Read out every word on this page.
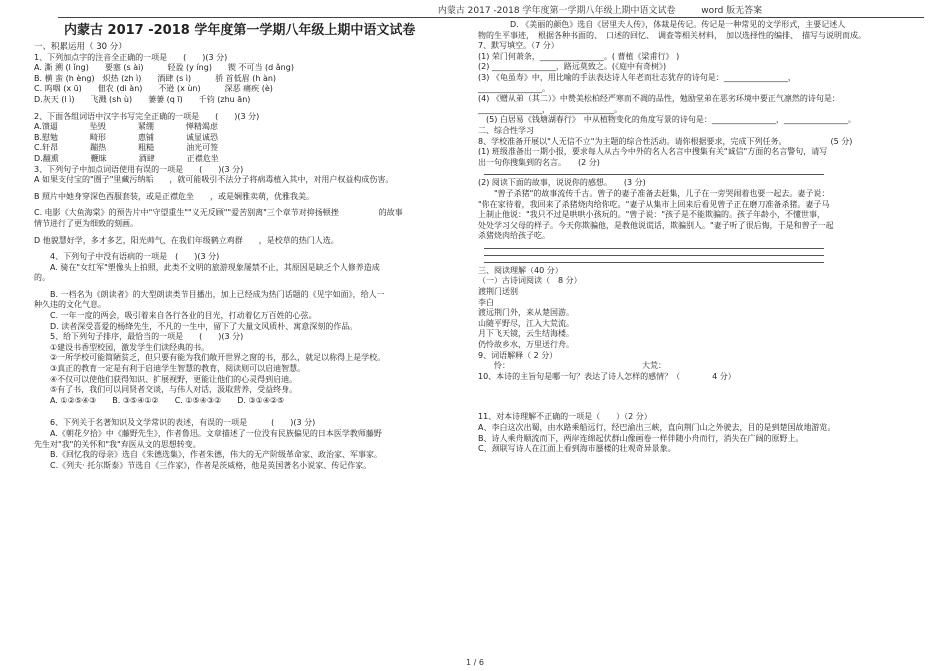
内蒙古 2017 -2018 学年度第一学期八年级上期中语文试卷	word 版无答案

内蒙古 2017 -2018 学年度第一学期八年级上期中语文试卷

一、积累运用（ 30 分）

1、下列加点字的注音全正确的一项是　　(　　)(3 分)

A. 澌 溯 (l ǐng)　　要塞 (s ài)　　　轻盈 (y íng)　　锲 不可当 (d ǎng)

B. 横 蛮 (h èng)　炽热 (zh ì)　　酒肆 (s ì)　　　骄 首低眉 (h àn)

C. 呜咽 (x ū)　　佃农 (di àn)　　不逊 (x ùn)　　　深恶 痛疾 (è)

D.灰天 (l ì)　　飞溅 (sh ù)　　萋萋 (q ī)　　千钧 (zhu ān)

2、下面各组词语中汉字书写完全正确的一项是　　(　　)(3 分)

A.馈逼　　　　坠毁　　　　紧绷　　　　惮精竭虑

B.慰勉　　　　畸形　　　　惠铺　　　　诚显诚恐

C.轩昂　　　　蹦热　　　　粗糙　　　　油光可签

D.翻熏　　　　鞭昧　　　　酒肆　　　　正襟危坐

3、下列句子中加点词语使用有误的一项是　　(　　)(3 分)

A 如果支付宝的"圈子"里藏污纳垢　　，就可能吸引不法分子将病毒植入其中，对用户权益构成伤害。

B 照片中她身穿深色西服套装，或是正襟危坐　　，或是娴雅卖萌，优雅我美。

C. 电影《大鱼海棠》的预告片中"守望重生""义无反顾""爱苦别离"三个章节对抑扬顿挫　　　　　的故事

情节进行了更为细致的刻画。

D 他貌慧好学，多才多艺，阳光帅气，在我们年级鹤立鸡群　　，是校草的热门人选。

　　4、下列句子中没有语病的一项是　(　　)(3 分)

　　A. 骑在"女红军"塑像头上拍照，此类不文明的旅游现象屡禁不止，其原因是缺乏个人修养造成

的。

　　B. 一档名为《朗读者》的大型朗读类节目播出，加上已经成为热门话题的《见字如面》，给人一

种久违的文化气息。

　　C. 一年一度的两会，吸引着来自各行各业的目光，打动着亿万百姓的心弦。

　　D. 读者深受喜爱的杨绛先生，不凡的一生中，留下了大量文风质朴、寓意深刻的作品。

　　5、给下列句子排序，最恰当的一项是　　(　　)(3 分)

　　①建设书香型校园，激发学生们读经典的书。

　　②一所学校可能简陋贫乏，但只要有能为我们敞开世界之窗的书，那么，就足以称得上是学校。

　　③真正的教育一定是有利于启迪学生智慧的教育，阅读则可以启迪智慧。

　　④不仅可以使他们获得知识、扩展视野，更能让他们的心灵得到启迪。

　　⑤有了书，我们可以同贤者交谈，与伟人对话，汲取营养，受益终身。

　　A. ①②⑤④③　　B. ③⑤④①②　　C. ①⑤④③②　　D. ③①④②⑤

　　6、下列关于名著知识及文学常识的表述，有误的一项是　　　(　　)(3 分)

　　A.《朝花夕拾》中《藤野先生》，作者鲁迅。文章描述了一位没有民族偏见的日本医学教师藤野

先生对"我"的关怀和"我"弃医从文的思想转变。

　　B.《回忆我的母亲》选自《朱德选集》，作者朱德，伟大的无产阶级革命家、政治家、军事家。

　　C.《列夫· 托尔斯泰》节选自《三作家》，作者是茨威格，他是英国著名小说家、传记作家。

　　　　D. 《美丽的颜色》选自《居里夫人传》，体裁是传记。传记是一种常见的文学形式，主要记述人

物的生平事迹，　根据各种书面的、　口述的回忆、　调查等相关材料，　加以选择性的编排、　描写与说明而成。

7、默写填空。（7 分）

(1) 荣门何萧条，________________。( 曹植《梁甫行》 )

(2) ________________，路远莫致之。(《庭中有奇树》)

(3) 《龟虽寿》中，用比喻的手法表达诗人年老而壮志犹存的诗句是：________________，

________________。

(4) 《赠从弟（其二）》中赞美松柏经严寒而不凋的品性，勉励堂弟在恶劣环境中要正气凛然的诗句是：

________________，________________。

　(5) 白居易《钱塘湖春行》　中从植物变化的角度写景的诗句是：________________，________________。

二、综合性学习

8、学校准备开展以"人无信不立"为主题的综合性活动。请你根据要求，完成下列任务。　　　　　　(5 分)

(1) 班级准备出一期小报，要求每人从古今中外的名人名言中搜集有关"诚信"方面的名言警句，请写

出一句你搜集到的名言。　　(2 分)

(2) 阅读下面的故事，说说你的感想。　　(3 分)

　　"曾子杀猪"的故事流传千古。曾子的妻子准备去赶集，儿子在一旁哭闹着也要一起去。妻子说：

"你在家待着，我回来了杀猪烧肉给你吃。"妻子从集市上回来后看见曾子正在磨刀准备杀猪。妻子马

上制止他说："我只不过是哄哄小孩玩的。"曾子说："孩子是不能欺骗的。孩子年龄小，不懂世事，

处处学习父母的样子。今天你欺骗他，是教他说谎话，欺骗别人。"妻子听了很后悔，于是和曾子一起

杀猪烧肉给孩子吃。

三、阅读理解（40 分）

（一）古诗词阅读（　8 分）

渡荆门送别

李白

渡远荆门外，来从楚国游。

山随平野尽，江入大荒流。

月下飞天镜，云生结海楼。

仍怜故乡水，万里送行舟。

9、词语解释（ 2 分）

　　怜：　　　　　　　　　　　　　　　　　大荒：

10、本诗的主旨句是哪一句？表达了诗人怎样的感情？（　　　　4 分）

11、对本诗理解不正确的一项是（　　）（2 分）

A、李白这次出蜀，由水路乘船远行，经巴渝出三峡，直向荆门山之外驶去，目的是到楚国故地游览。

B、诗人乘舟顺流而下，两岸连绵起伏群山像画卷一样伴随小舟而行，消失在广阔的原野上。

C、颈联写诗人在江面上看到海市蜃楼的壮观奇异景象。

1 / 6
